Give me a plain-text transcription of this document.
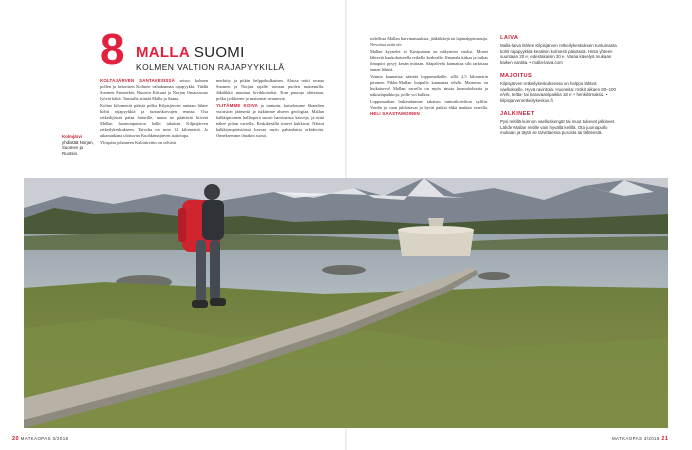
8 MALLA SUOMI
KOLMEN VALTION RAJAPYYKILLÄ
Kolmjärvi yhdistää Norjan, Suomen ja Ruotsin.

KOLTAJÄRVEN SANTAVESISSÄ seisoo kolmen pollen ja betonisen Kolmen valtakunnan rajapyykki. Täällä Suomen Enontekiö, Ruotsin Kiiruna ja Norjan Omasvuono lyövät kättä. Taustalla siintää Malla ja Saana.

Kolme kilometriä päästä polku Kilpisjärven rantaan lähtee kohti rajapyykkiä ja tunturikoivujen reunaa. Osa retkeilijöistä palaa laiturille, mutta ne päättävät kiivetä Mallan luonnonpuiston halki takaisin Kilpisjärven retkeilykeskukseen. Taivalta on noin 12 kilometriä. Jo aikamatkana ulottuvan Kuohkimajärven autiotupa.

Ylöspäin johtaneen Kalottireitin on selvästi

merkitty ja pitkin helppokulkuinen. Alussa reitti seuraa Suomen ja Norjan rajalle taivaan puolen maisemilla. Jäkälikkö muuttuu kivikkoiseksi. Kun puuraja ohitetaan, polku jyrkkenee ja maisemat avautuvat.

YLITÄMME KOIVA ja tunturin, katselemme Skandien vuoriston jäämeriä ja tutkimme alueen geologiaa. Mallan kalkkipitoinen kallioperä suosii harvinaisia kasveja, ja niitä näkee polun varrella. Keskikesällä rinteet kukkivat. Näissä kalkkiympäristöissä kasvaa myös pahanlaisia orkideoita. Onneksemme ilmakin suosii.

todellista Mallan harvinaisuuksia, jääkiikkejä tai lapinalppiruusuja. Nevoissa niitä ole.

Mallan kyynelet ei Kitsiputaan on näkymien vuoksi. Monet lähtevät kaukokatseella retkelle korkealle. Ilmanala kirkas ja raikas ilmapiiri pysyy kesän mittaan. Sääpalvelu kannattaa silti tarkistaa ennen lähtöä.

Voimia kannattaa säästää loppumatkalle, sillä 2,5 kilometrin pituinen Pikku-Mallan huipulle kannattaa tehdä. Maisema on huikaiseva! Mallan varrella on myös muita luontokohteita ja näköalapaikkoja, joille voi kulkea.

Loppumatkan laskeudumme takaisin tunturikoivikon sylilin. Vasdin ja vaan juhlottavat ja hyvät paikat ehkä matkan varrella. HELI SAASTAMOINEN

LAIVA

Malla-laiva lähtee Kilpisjärven retkeilykeskuksen tuntumasta kohti rajapyykkiä kesäisin kolmesti päivässä. Hinta yhteen suuntaan 20 e, edestakaisin 30 e. Varaa kävelyä mukaan kaiken varalta. • malla-laiva.com

MAJOITUS

Kilpisjärven retkeilykeskuksessa on helppo lähteä vaellukselle. Hyvä ravintola. Huoneita: mökit alkaen 80–100 e/vrk, teltta- tai karavaanipaikka 18 e + henkilömaksu. • kilpisjarvenretkeilykeskus.fi

JALKINEET

Pysi reitillä kunnon vaelluskengät tai muut tukevat jalkineet. Lähde Mallan reitille vain hyvällä kelillä. Ota juomapullo mukaan ja täytä se tarvittaessa purosta tai lähteestä.

20 MATKAOPAS 3/2018	MATKAOPAS 3/2018 21
